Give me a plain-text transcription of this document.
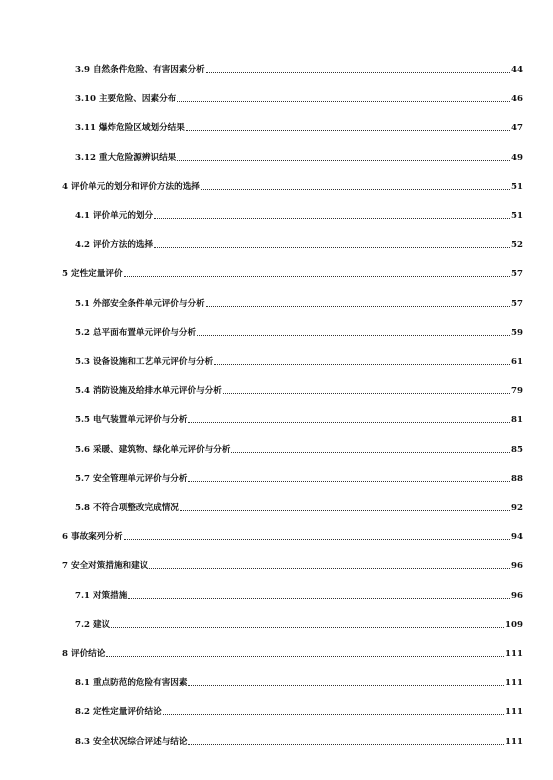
3.9 自然条件危险、有害因素分析	44
3.10 主要危险、因素分布	46
3.11 爆炸危险区域划分结果	47
3.12 重大危险源辨识结果	49
4 评价单元的划分和评价方法的选择	51
4.1 评价单元的划分	51
4.2 评价方法的选择	52
5 定性定量评价	57
5.1 外部安全条件单元评价与分析	57
5.2 总平面布置单元评价与分析	59
5.3 设备设施和工艺单元评价与分析	61
5.4 消防设施及给排水单元评价与分析	79
5.5 电气装置单元评价与分析	81
5.6 采暖、建筑物、绿化单元评价与分析	85
5.7 安全管理单元评价与分析	88
5.8 不符合项整改完成情况	92
6 事故案列分析	94
7 安全对策措施和建议	96
7.1 对策措施	96
7.2 建议	109
8 评价结论	111
8.1 重点防范的危险有害因素	111
8.2 定性定量评价结论	111
8.3 安全状况综合评述与结论	111
